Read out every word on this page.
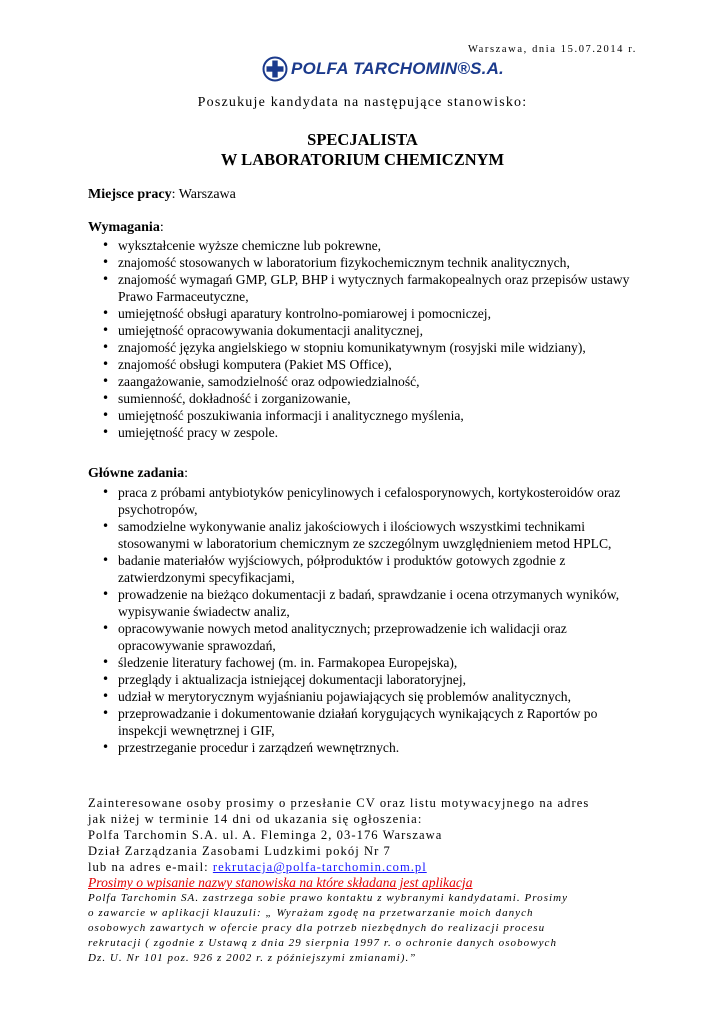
Warszawa, dnia 15.07.2014 r.
POLFA TARCHOMIN®S.A.
Poszukuje kandydata na następujące stanowisko:
SPECJALISTA
W LABORATORIUM CHEMICZNYM
Miejsce pracy: Warszawa
Wymagania:
• wykształcenie wyższe chemiczne lub pokrewne,
• znajomość stosowanych w laboratorium fizykochemicznym technik analitycznych,
• znajomość wymagań GMP, GLP, BHP i wytycznych farmakopealnych oraz przepisów ustawy Prawo Farmaceutyczne,
• umiejętność obsługi aparatury kontrolno-pomiarowej i pomocniczej,
• umiejętność opracowywania dokumentacji analitycznej,
• znajomość języka angielskiego w stopniu komunikatywnym (rosyjski mile widziany),
• znajomość obsługi komputera (Pakiet MS Office),
• zaangażowanie, samodzielność oraz odpowiedzialność,
• sumienność, dokładność i zorganizowanie,
• umiejętność poszukiwania informacji i analitycznego myślenia,
• umiejętność pracy w zespole.
Główne zadania:
• praca z próbami antybiotyków penicylinowych i cefalosporynowych, kortykosteroidów oraz psychotropów,
• samodzielne wykonywanie analiz jakościowych i ilościowych wszystkimi technikami stosowanymi w laboratorium chemicznym ze szczególnym uwzględnieniem metod HPLC,
• badanie materiałów wyjściowych, półproduktów i produktów gotowych zgodnie z zatwierdzonymi specyfikacjami,
• prowadzenie na bieżąco dokumentacji z badań, sprawdzanie i ocena otrzymanych wyników, wypisywanie świadectw analiz,
• opracowywanie nowych metod analitycznych; przeprowadzenie ich walidacji oraz opracowywanie sprawozdań,
• śledzenie literatury fachowej (m. in. Farmakopea Europejska),
• przeglądy i aktualizacja istniejącej dokumentacji laboratoryjnej,
• udział w merytorycznym wyjaśnianiu pojawiających się problemów analitycznych,
• przeprowadzanie i dokumentowanie działań korygujących wynikających z Raportów po inspekcji wewnętrznej i GIF,
• przestrzeganie procedur i zarządzeń wewnętrznych.
Zainteresowane osoby prosimy o przesłanie CV oraz listu motywacyjnego na adres
jak niżej w terminie 14 dni od ukazania się ogłoszenia:
Polfa Tarchomin S.A. ul. A. Fleminga 2, 03-176 Warszawa
Dział Zarządzania Zasobami Ludzkimi pokój Nr 7
lub na adres e-mail: rekrutacja@polfa-tarchomin.com.pl
Prosimy o wpisanie nazwy stanowiska na które składana jest aplikacja
Polfa Tarchomin SA. zastrzega sobie prawo kontaktu z wybranymi kandydatami. Prosimy
o zawarcie w aplikacji klauzuli: „ Wyrażam zgodę na przetwarzanie moich danych
osobowych zawartych w ofercie pracy dla potrzeb niezbędnych do realizacji procesu
rekrutacji ( zgodnie z Ustawą z dnia 29 sierpnia 1997 r. o ochronie danych osobowych
Dz. U. Nr 101 poz. 926 z 2002 r. z późniejszymi zmianami).”
